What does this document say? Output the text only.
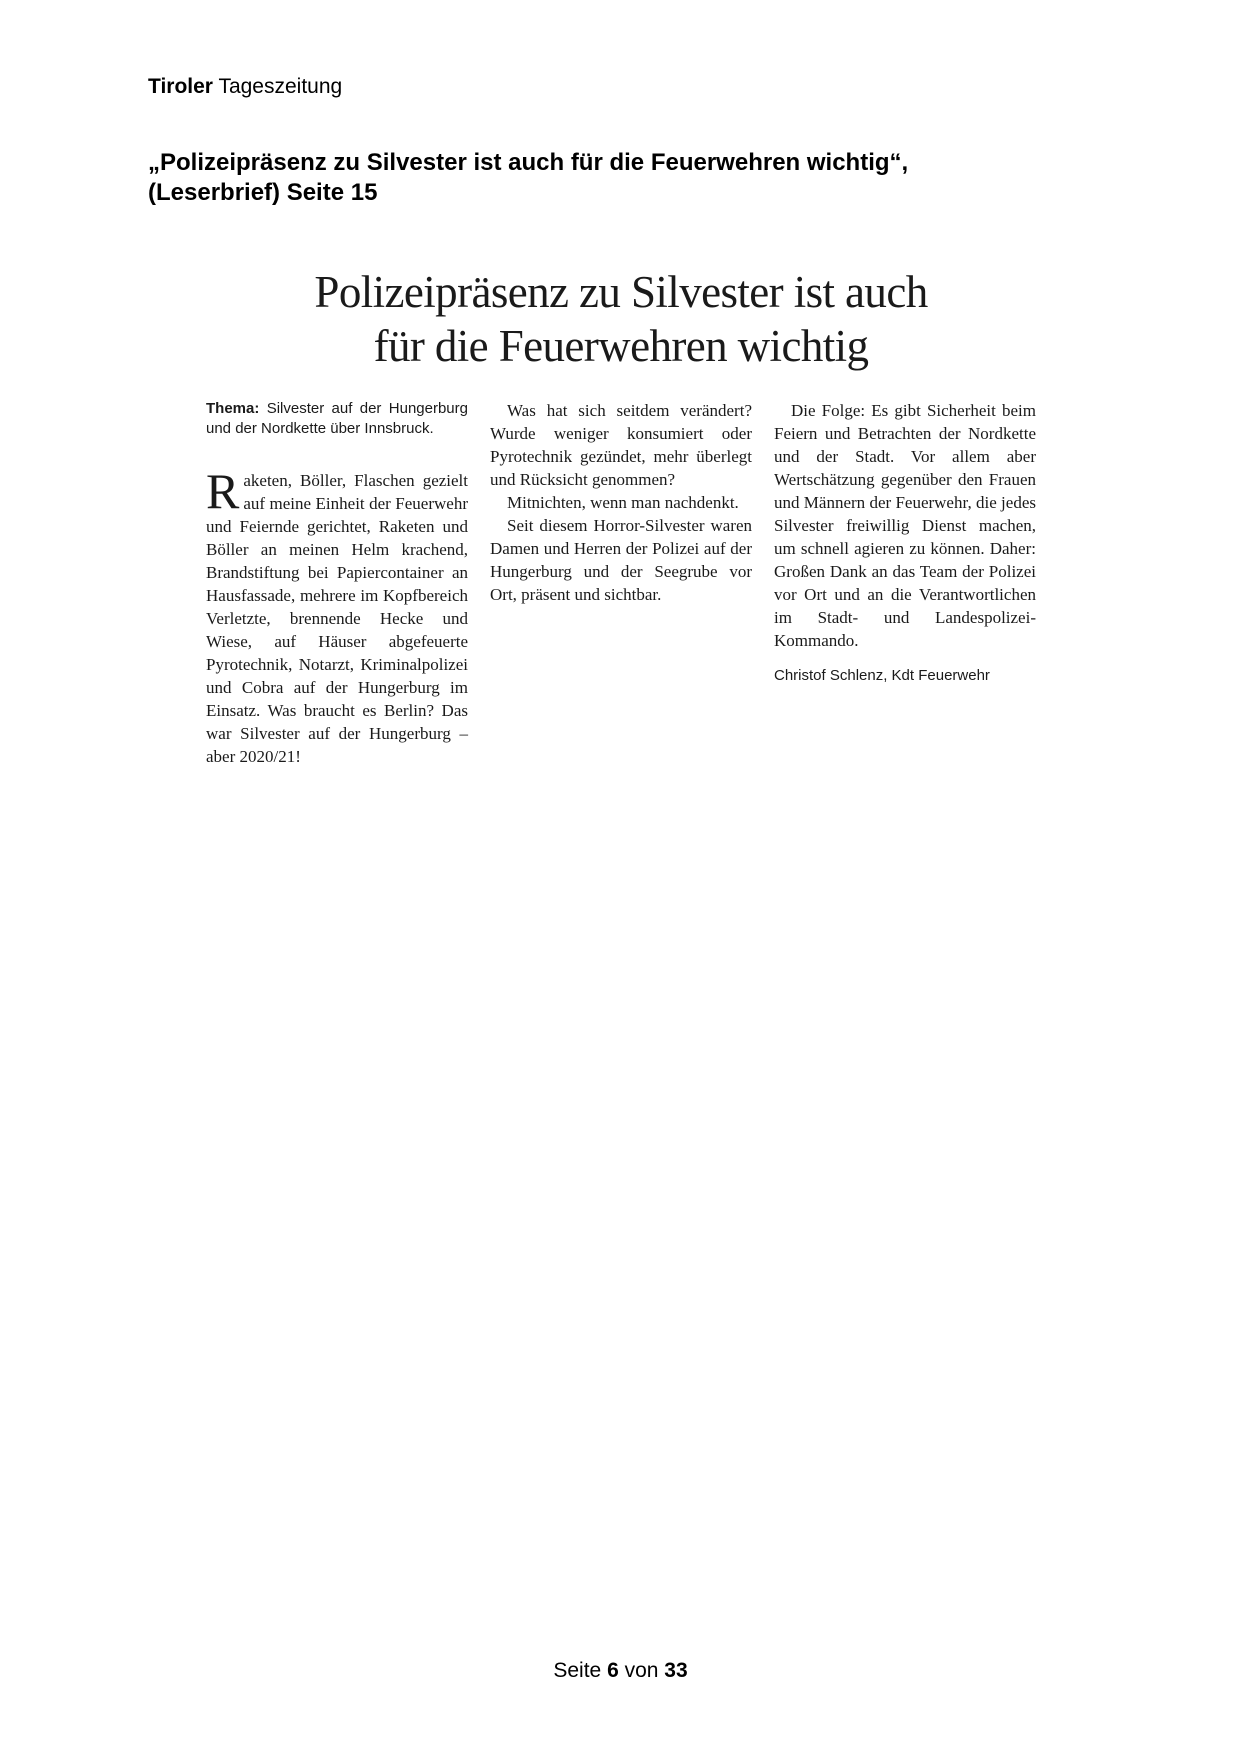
Tiroler Tageszeitung
„Polizeipräsenz zu Silvester ist auch für die Feuerwehren wichtig“,
(Leserbrief) Seite 15
Polizeipräsenz zu Silvester ist auch
für die Feuerwehren wichtig

Thema: Silvester auf der Hungerburg und der Nordkette über Innsbruck.

Raketen, Böller, Flaschen gezielt auf meine Einheit der Feuerwehr und Feiernde gerichtet, Raketen und Böller an meinen Helm krachend, Brandstiftung bei Papiercontainer an Hausfassade, mehrere im Kopfbereich Verletzte, brennende Hecke und Wiese, auf Häuser abgefeuerte Pyrotechnik, Notarzt, Kriminalpolizei und Cobra auf der Hungerburg im Einsatz. Was braucht es Berlin? Das war Silvester auf der Hungerburg – aber 2020/21!

Was hat sich seitdem verändert? Wurde weniger konsumiert oder Pyrotechnik gezündet, mehr überlegt und Rücksicht genommen?

Mitnichten, wenn man nachdenkt.

Seit diesem Horror-Silvester waren Damen und Herren der Polizei auf der Hungerburg und der Seegrube vor Ort, präsent und sichtbar.

Die Folge: Es gibt Sicherheit beim Feiern und Betrachten der Nordkette und der Stadt. Vor allem aber Wertschätzung gegenüber den Frauen und Männern der Feuerwehr, die jedes Silvester freiwillig Dienst machen, um schnell agieren zu können. Daher: Großen Dank an das Team der Polizei vor Ort und an die Verantwortlichen im Stadt- und Landespolizei-Kommando.

Christof Schlenz, Kdt Feuerwehr
Seite 6 von 33
